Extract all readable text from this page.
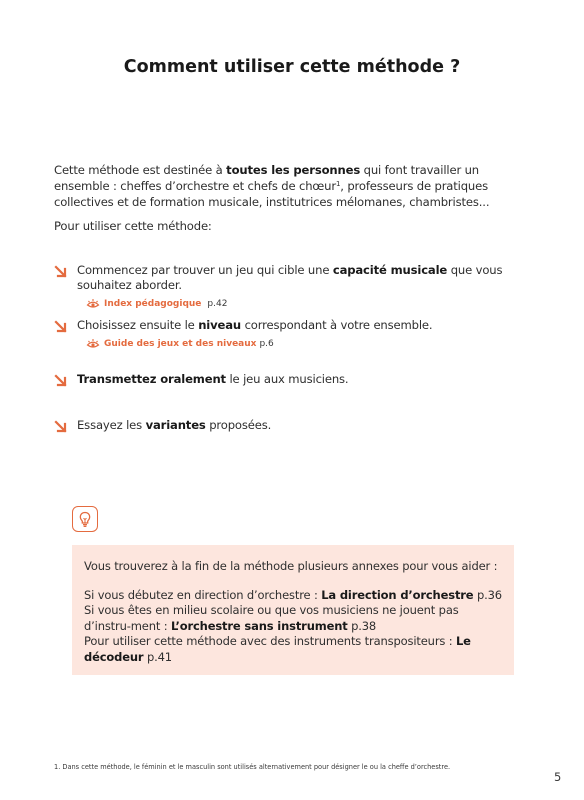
Comment utiliser cette méthode ?
Cette méthode est destinée à toutes les personnes qui font travailler un ensemble : cheffes d’orchestre et chefs de chœur$^1$, professeurs de pratiques collectives et de formation musicale, institutrices mélomanes, chambristes...
Pour utiliser cette méthode:
Commencez par trouver un jeu qui cible une capacité musicale que vous souhaitez aborder.
Index pédagogique p.42
Choisissez ensuite le niveau correspondant à votre ensemble.
Guide des jeux et des niveaux p.6
Transmettez oralement le jeu aux musiciens.
Essayez les variantes proposées.

Vous trouverez à la fin de la méthode plusieurs annexes pour vous aider :

Si vous débutez en direction d’orchestre : La direction d’orchestre p.36

Si vous êtes en milieu scolaire ou que vos musiciens ne jouent pas d’instru-ment : L’orchestre sans instrument p.38

Pour utiliser cette méthode avec des instruments transpositeurs : Le décodeur p.41

1. Dans cette méthode, le féminin et le masculin sont utilisés alternativement pour désigner le ou la cheffe d’orchestre.
5
